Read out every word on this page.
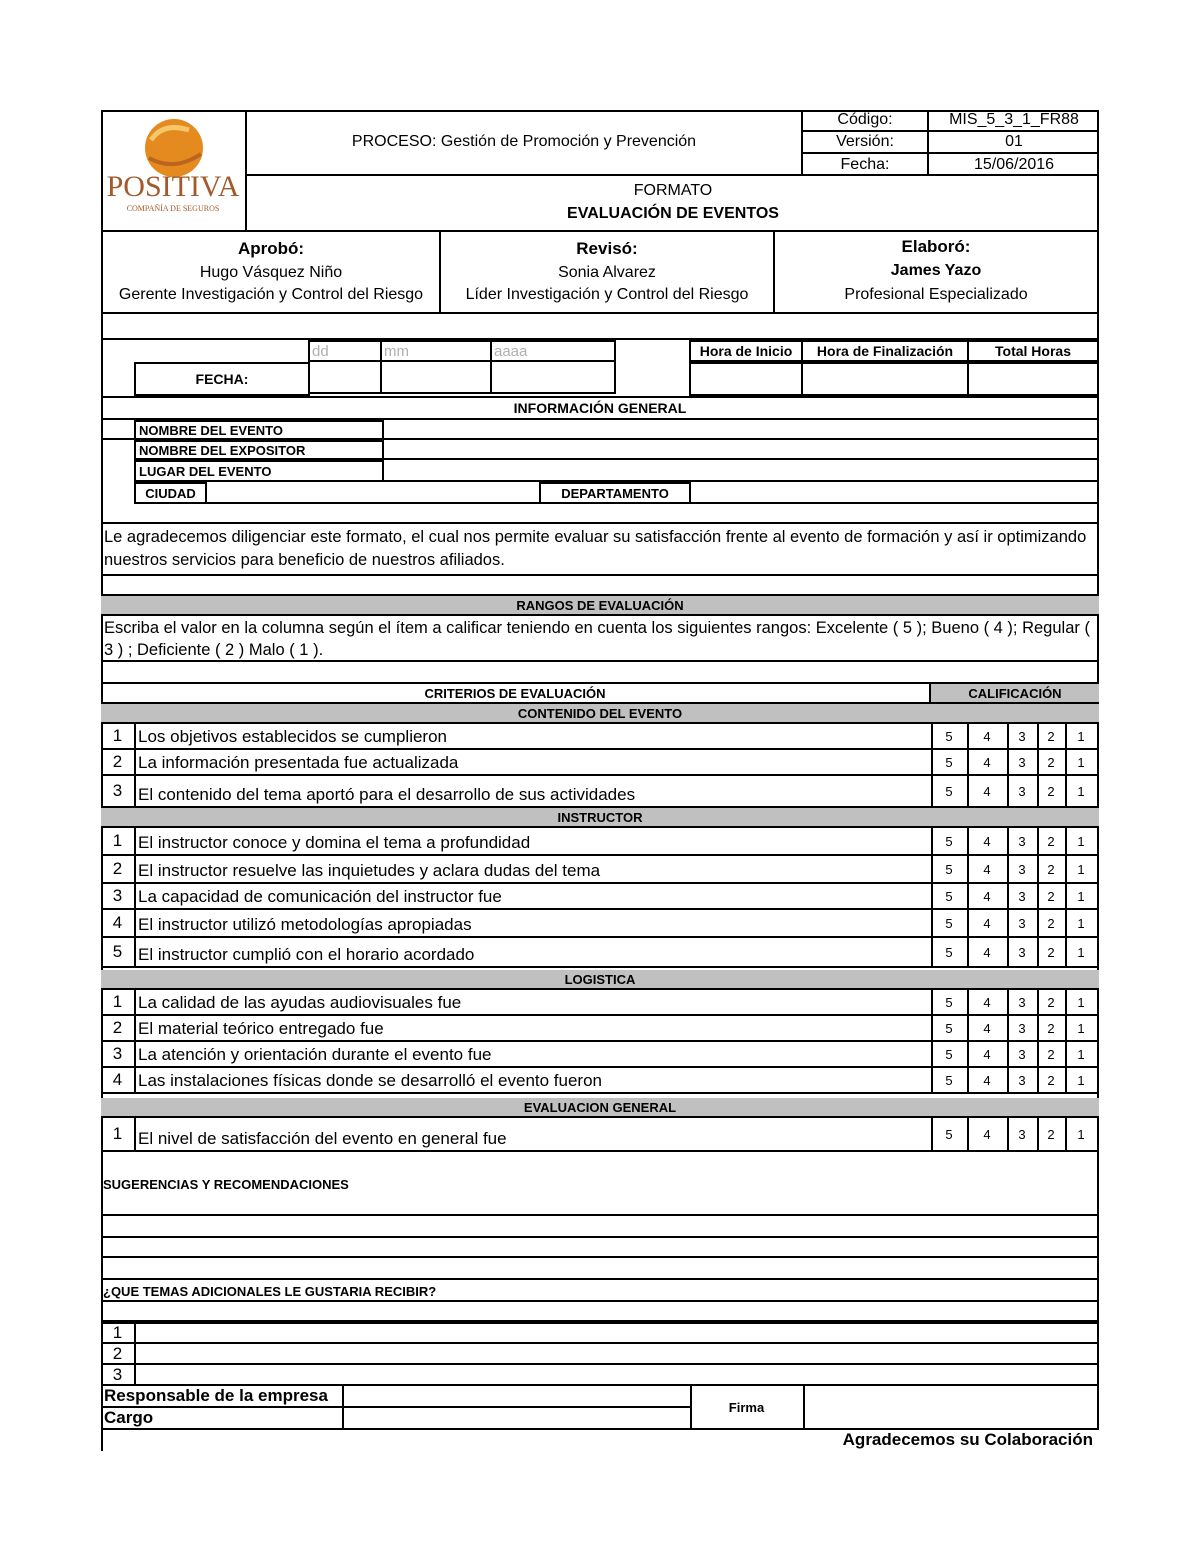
POSITIVA
COMPAÑÍA DE SEGUROS
PROCESO: Gestión de Promoción y Prevención
Código:	MIS_5_3_1_FR88
Versión:	01
Fecha:	15/06/2016
FORMATO
EVALUACIÓN DE EVENTOS
Aprobó:
Hugo Vásquez Niño
Gerente Investigación y Control del Riesgo
Revisó:
Sonia Alvarez
Líder Investigación y Control del Riesgo
Elaboró:
James Yazo
Profesional Especializado
dd	mm	aaaa
FECHA:
Hora de Inicio	Hora de Finalización	Total Horas
INFORMACIÓN GENERAL
NOMBRE DEL EVENTO
NOMBRE DEL EXPOSITOR
LUGAR DEL EVENTO
CIUDAD	DEPARTAMENTO
Le agradecemos diligenciar este formato, el cual nos permite evaluar su satisfacción frente al evento de formación y así ir optimizando nuestros servicios para beneficio de nuestros afiliados.
RANGOS DE EVALUACIÓN
Escriba el valor en la columna según el ítem a calificar teniendo en cuenta los siguientes rangos: Excelente ( 5 ); Bueno ( 4 ); Regular ( 3 ) ; Deficiente ( 2 ) Malo ( 1 ).
CRITERIOS DE EVALUACIÓN	CALIFICACIÓN
CONTENIDO DEL EVENTO
1 Los objetivos establecidos se cumplieron	5	4	3	2	1
2 La información presentada fue actualizada	5	4	3	2	1
3 El contenido del tema aportó para el desarrollo de sus actividades	5	4	3	2	1
INSTRUCTOR
1 El instructor conoce y domina el tema a profundidad	5	4	3	2	1
2 El instructor resuelve las inquietudes y aclara dudas del tema	5	4	3	2	1
3 La capacidad de comunicación del instructor fue	5	4	3	2	1
4 El instructor utilizó metodologías apropiadas	5	4	3	2	1
5 El instructor cumplió con el horario acordado	5	4	3	2	1
LOGISTICA
1 La calidad de las ayudas audiovisuales fue	5	4	3	2	1
2 El material teórico entregado fue	5	4	3	2	1
3 La atención y orientación durante el evento fue	5	4	3	2	1
4 Las instalaciones físicas donde se desarrolló el evento fueron	5	4	3	2	1
EVALUACION GENERAL
1 El nivel de satisfacción del evento en general fue	5	4	3	2	1
SUGERENCIAS Y RECOMENDACIONES
¿QUE TEMAS ADICIONALES LE GUSTARIA RECIBIR?
1
2
3
Responsable de la empresa
Cargo
Firma
Agradecemos su Colaboración
